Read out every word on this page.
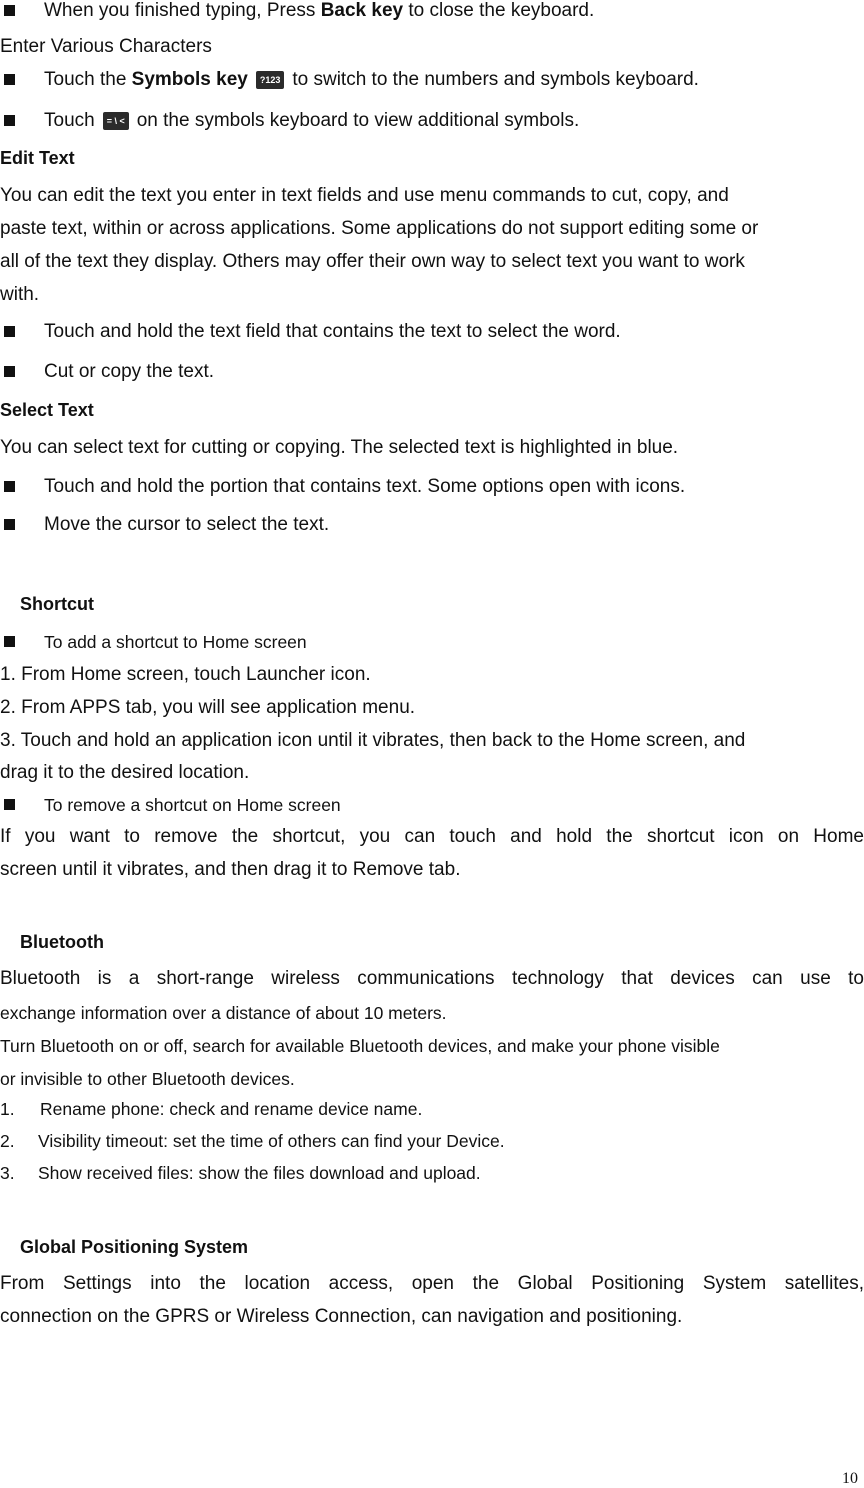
When you finished typing, Press Back key to close the keyboard.
Enter Various Characters
Touch the Symbols key ?123 to switch to the numbers and symbols keyboard.
Touch = \ < on the symbols keyboard to view additional symbols.
Edit Text
You can edit the text you enter in text fields and use menu commands to cut, copy, and
paste text, within or across applications. Some applications do not support editing some or
all of the text they display. Others may offer their own way to select text you want to work
with.
Touch and hold the text field that contains the text to select the word.
Cut or copy the text.
Select Text
You can select text for cutting or copying. The selected text is highlighted in blue.
Touch and hold the portion that contains text. Some options open with icons.
Move the cursor to select the text.
Shortcut
To add a shortcut to Home screen
1. From Home screen, touch Launcher icon.
2. From APPS tab, you will see application menu.
3. Touch and hold an application icon until it vibrates, then back to the Home screen, and
drag it to the desired location.
To remove a shortcut on Home screen
If you want to remove the shortcut, you can touch and hold the shortcut icon on Home
screen until it vibrates, and then drag it to Remove tab.
Bluetooth
Bluetooth is a short-range wireless communications technology that devices can use to
exchange information over a distance of about 10 meters.
Turn Bluetooth on or off, search for available Bluetooth devices, and make your phone visible
or invisible to other Bluetooth devices.
1. Rename phone: check and rename device name.
2. Visibility timeout: set the time of others can find your Device.
3. Show received files: show the files download and upload.
Global Positioning System
From Settings into the location access, open the Global Positioning System satellites,
connection on the GPRS or Wireless Connection, can navigation and positioning.
10
